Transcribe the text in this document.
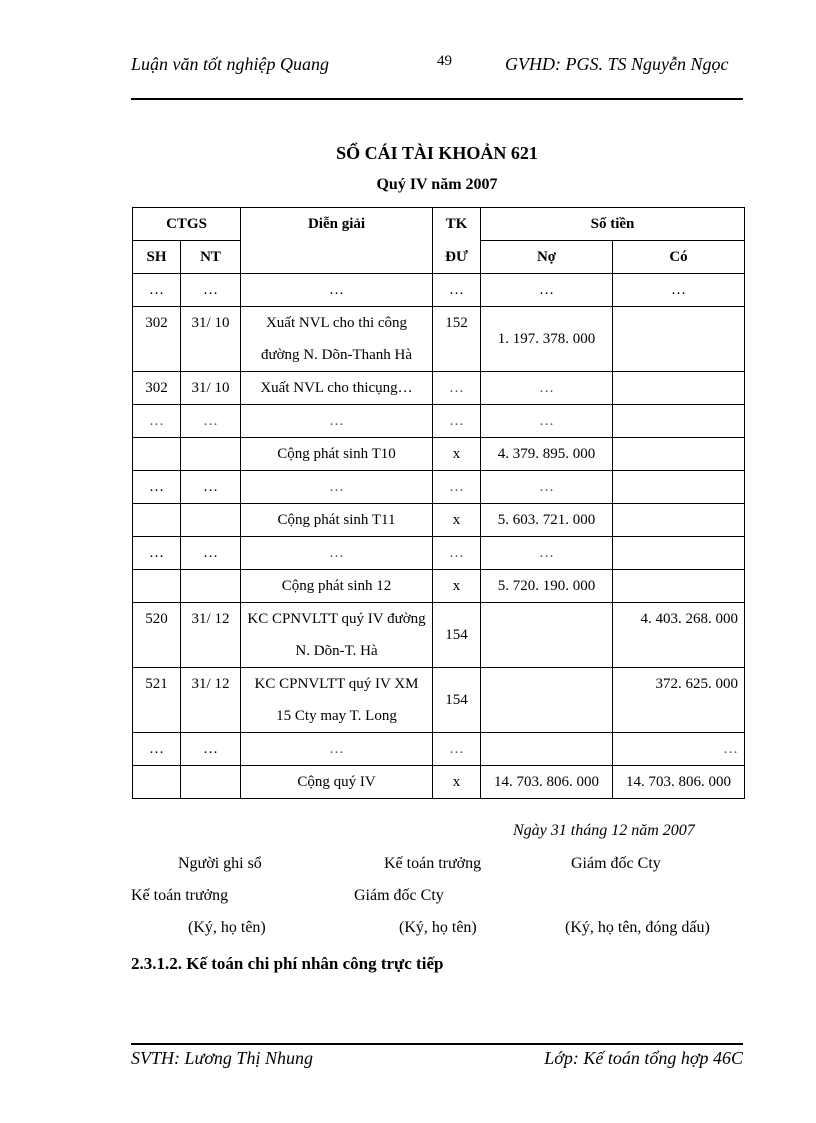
Luận văn tốt nghiệp Quang	49	GVHD: PGS. TS Nguyễn Ngọc
SỔ CÁI TÀI KHOẢN 621
Quý IV năm 2007
CTGS		Diễn giải	TK	Số tiền	
SH	NT		ĐƯ	Nợ	Có
…	…	…	…	…	…
302	31/ 10	Xuất NVL cho thi công đường N. Dõn-Thanh Hà	152	1. 197. 378. 000	
302	31/ 10	Xuất NVL cho thicụng…	…	…	
…	…	…	…	…	
		Cộng phát sinh T10	x	4. 379. 895. 000	
…	…	…	…	…	
		Cộng phát sinh T11	x	5. 603. 721. 000	
…	…	…	…	…	
		Cộng phát sinh 12	x	5. 720. 190. 000	
520	31/ 12	KC CPNVLTT quý IV đường N. Dõn-T. Hà	154		4. 403. 268. 000
521	31/ 12	KC CPNVLTT quý IV XM 15 Cty may T. Long	154		372. 625. 000
…	…	…	…		…
		Cộng quý IV	x	14. 703. 806. 000	14. 703. 806. 000
Ngày 31 tháng 12 năm 2007
Người ghi sổ	Kế toán trưởng	Giám đốc Cty
Kế toán trưởng	Giám đốc Cty
(Ký, họ tên)	(Ký, họ tên)	(Ký, họ tên, đóng dấu)
2.3.1.2. Kế toán chi phí nhân công trực tiếp
SVTH: Lương Thị Nhung	Lớp: Kế toán tổng hợp 46C
